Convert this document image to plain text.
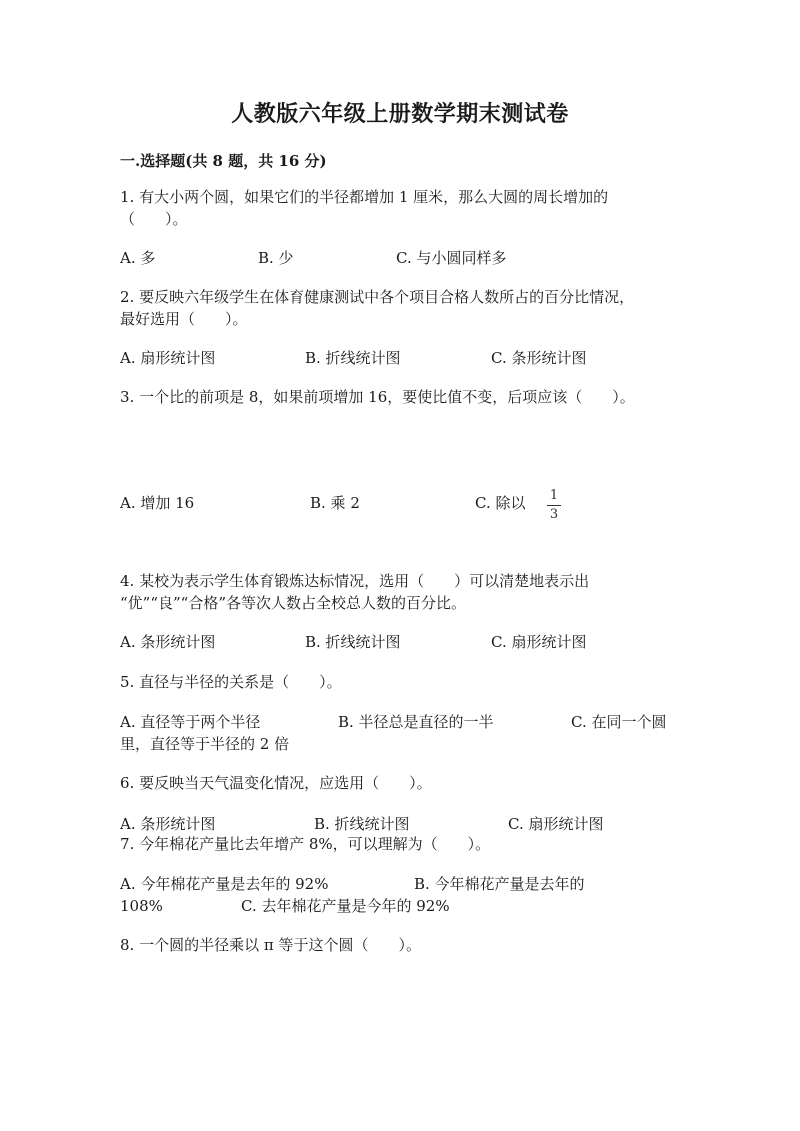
人教版六年级上册数学期末测试卷
一.选择题(共 8 题，共 16 分)
1. 有大小两个圆，如果它们的半径都增加 1 厘米，那么大圆的周长增加的
（　　）。
A. 多	B. 少	C. 与小圆同样多
2. 要反映六年级学生在体育健康测试中各个项目合格人数所占的百分比情况，
最好选用（　　）。
A. 扇形统计图	B. 折线统计图	C. 条形统计图
3. 一个比的前项是 8，如果前项增加 16，要使比值不变，后项应该（　　）。
A. 增加 16	B. 乘 2	C. 除以 1
3
4. 某校为表示学生体育锻炼达标情况，选用（　　）可以清楚地表示出
“优”“良”“合格”各等次人数占全校总人数的百分比。
A. 条形统计图	B. 折线统计图	C. 扇形统计图
5. 直径与半径的关系是（　　）。
A. 直径等于两个半径	B. 半径总是直径的一半	C. 在同一个圆
里，直径等于半径的 2 倍
6. 要反映当天气温变化情况，应选用（　　）。
A. 条形统计图	B. 折线统计图	C. 扇形统计图
7. 今年棉花产量比去年增产 8%，可以理解为（　　）。
A. 今年棉花产量是去年的 92%	B. 今年棉花产量是去年的
108%	C. 去年棉花产量是今年的 92%
8. 一个圆的半径乘以 π 等于这个圆（　　）。
